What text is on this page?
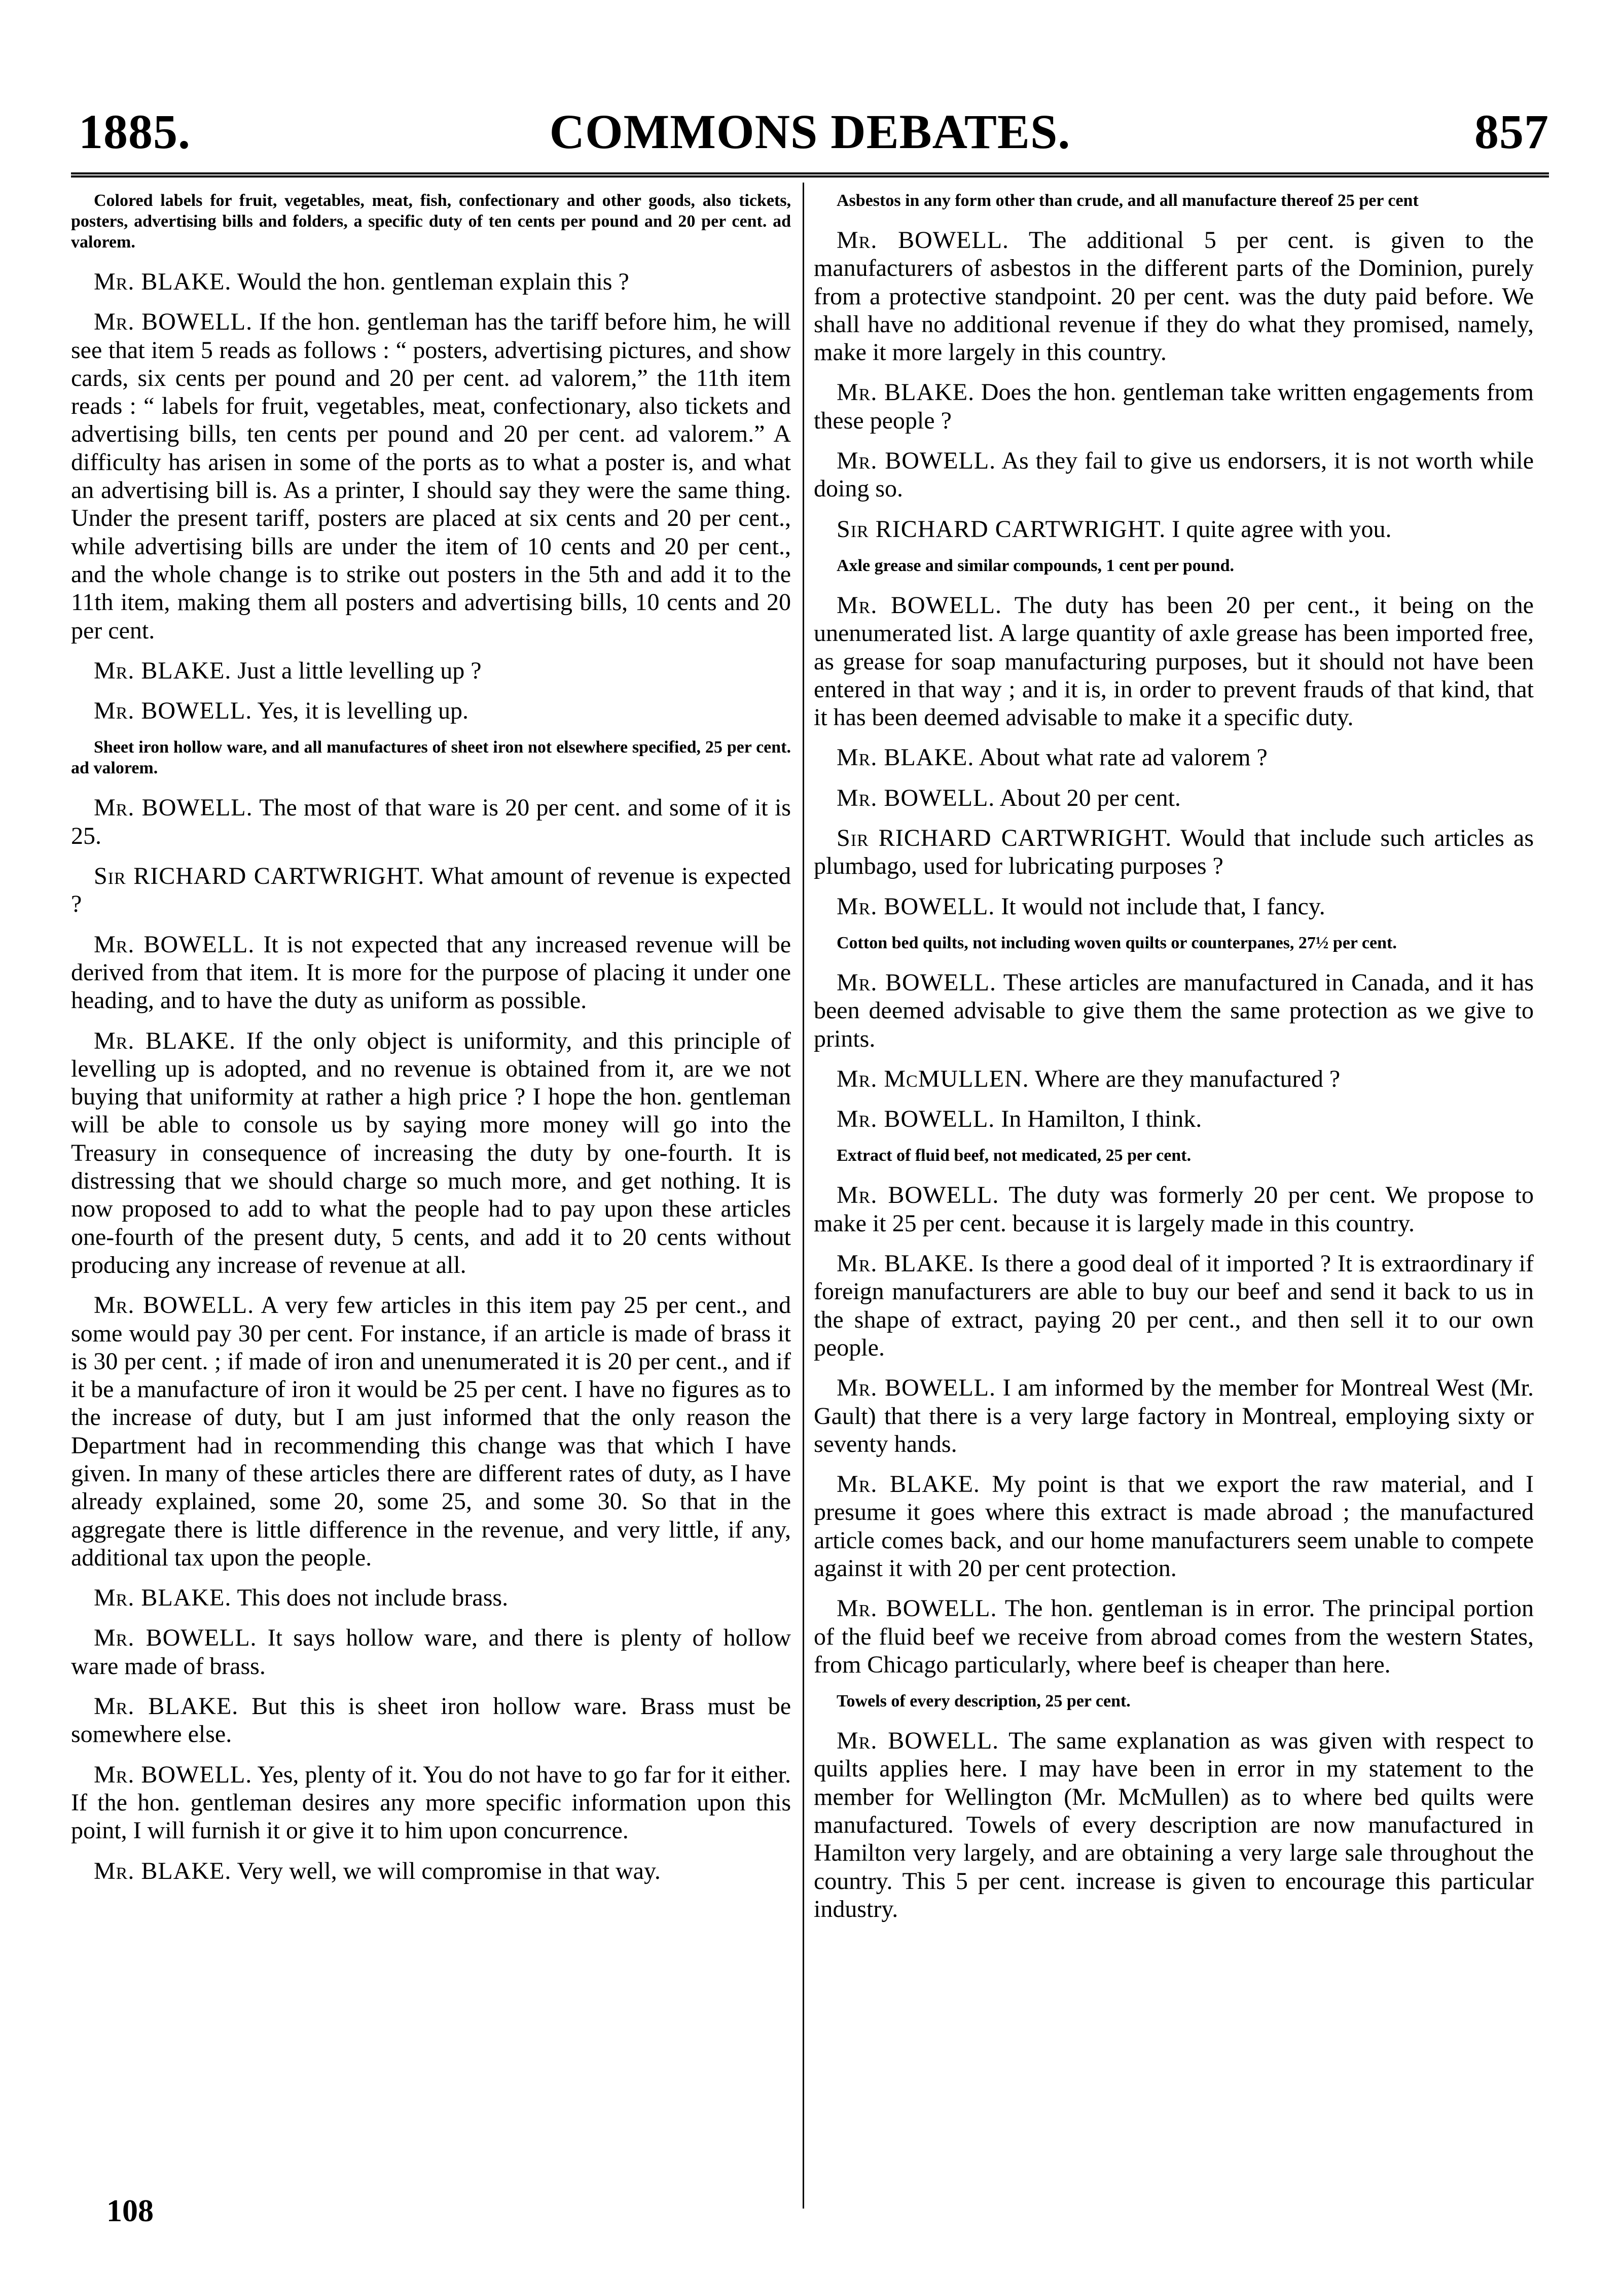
1885.	COMMONS DEBATES.	857

Colored labels for fruit, vegetables, meat, fish, confectionary and other goods, also tickets, posters, advertising bills and folders, a specific duty of ten cents per pound and 20 per cent. ad valorem.

Mr. BLAKE. Would the hon. gentleman explain this ?

Mr. BOWELL. If the hon. gentleman has the tariff before him, he will see that item 5 reads as follows : “ posters, advertising pictures, and show cards, six cents per pound and 20 per cent. ad valorem,” the 11th item reads : “ labels for fruit, vegetables, meat, confectionary, also tickets and advertising bills, ten cents per pound and 20 per cent. ad valorem.” A difficulty has arisen in some of the ports as to what a poster is, and what an advertising bill is. As a printer, I should say they were the same thing. Under the present tariff, posters are placed at six cents and 20 per cent., while advertising bills are under the item of 10 cents and 20 per cent., and the whole change is to strike out posters in the 5th and add it to the 11th item, making them all posters and advertising bills, 10 cents and 20 per cent.

Mr. BLAKE. Just a little levelling up ?

Mr. BOWELL. Yes, it is levelling up.

Sheet iron hollow ware, and all manufactures of sheet iron not elsewhere specified, 25 per cent. ad valorem.

Mr. BOWELL. The most of that ware is 20 per cent. and some of it is 25.

Sir RICHARD CARTWRIGHT. What amount of revenue is expected ?

Mr. BOWELL. It is not expected that any increased revenue will be derived from that item. It is more for the purpose of placing it under one heading, and to have the duty as uniform as possible.

Mr. BLAKE. If the only object is uniformity, and this principle of levelling up is adopted, and no revenue is obtained from it, are we not buying that uniformity at rather a high price ? I hope the hon. gentleman will be able to console us by saying more money will go into the Treasury in consequence of increasing the duty by one-fourth. It is distressing that we should charge so much more, and get nothing. It is now proposed to add to what the people had to pay upon these articles one-fourth of the present duty, 5 cents, and add it to 20 cents without producing any increase of revenue at all.

Mr. BOWELL. A very few articles in this item pay 25 per cent., and some would pay 30 per cent. For instance, if an article is made of brass it is 30 per cent. ; if made of iron and unenumerated it is 20 per cent., and if it be a manufacture of iron it would be 25 per cent. I have no figures as to the increase of duty, but I am just informed that the only reason the Department had in recommending this change was that which I have given. In many of these articles there are different rates of duty, as I have already explained, some 20, some 25, and some 30. So that in the aggregate there is little difference in the revenue, and very little, if any, additional tax upon the people.

Mr. BLAKE. This does not include brass.

Mr. BOWELL. It says hollow ware, and there is plenty of hollow ware made of brass.

Mr. BLAKE. But this is sheet iron hollow ware. Brass must be somewhere else.

Mr. BOWELL. Yes, plenty of it. You do not have to go far for it either. If the hon. gentleman desires any more specific information upon this point, I will furnish it or give it to him upon concurrence.

Mr. BLAKE. Very well, we will compromise in that way.

Asbestos in any form other than crude, and all manufacture thereof 25 per cent

Mr. BOWELL. The additional 5 per cent. is given to the manufacturers of asbestos in the different parts of the Dominion, purely from a protective standpoint. 20 per cent. was the duty paid before. We shall have no additional revenue if they do what they promised, namely, make it more largely in this country.

Mr. BLAKE. Does the hon. gentleman take written engagements from these people ?

Mr. BOWELL. As they fail to give us endorsers, it is not worth while doing so.

Sir RICHARD CARTWRIGHT. I quite agree with you.

Axle grease and similar compounds, 1 cent per pound.

Mr. BOWELL. The duty has been 20 per cent., it being on the unenumerated list. A large quantity of axle grease has been imported free, as grease for soap manufacturing purposes, but it should not have been entered in that way ; and it is, in order to prevent frauds of that kind, that it has been deemed advisable to make it a specific duty.

Mr. BLAKE. About what rate ad valorem ?

Mr. BOWELL. About 20 per cent.

Sir RICHARD CARTWRIGHT. Would that include such articles as plumbago, used for lubricating purposes ?

Mr. BOWELL. It would not include that, I fancy.

Cotton bed quilts, not including woven quilts or counterpanes, 27½ per cent.

Mr. BOWELL. These articles are manufactured in Canada, and it has been deemed advisable to give them the same protection as we give to prints.

Mr. McMULLEN. Where are they manufactured ?

Mr. BOWELL. In Hamilton, I think.

Extract of fluid beef, not medicated, 25 per cent.

Mr. BOWELL. The duty was formerly 20 per cent. We propose to make it 25 per cent. because it is largely made in this country.

Mr. BLAKE. Is there a good deal of it imported ? It is extraordinary if foreign manufacturers are able to buy our beef and send it back to us in the shape of extract, paying 20 per cent., and then sell it to our own people.

Mr. BOWELL. I am informed by the member for Montreal West (Mr. Gault) that there is a very large factory in Montreal, employing sixty or seventy hands.

Mr. BLAKE. My point is that we export the raw material, and I presume it goes where this extract is made abroad ; the manufactured article comes back, and our home manufacturers seem unable to compete against it with 20 per cent protection.

Mr. BOWELL. The hon. gentleman is in error. The principal portion of the fluid beef we receive from abroad comes from the western States, from Chicago particularly, where beef is cheaper than here.

Towels of every description, 25 per cent.

Mr. BOWELL. The same explanation as was given with respect to quilts applies here. I may have been in error in my statement to the member for Wellington (Mr. McMullen) as to where bed quilts were manufactured. Towels of every description are now manufactured in Hamilton very largely, and are obtaining a very large sale throughout the country. This 5 per cent. increase is given to encourage this particular industry.

108
